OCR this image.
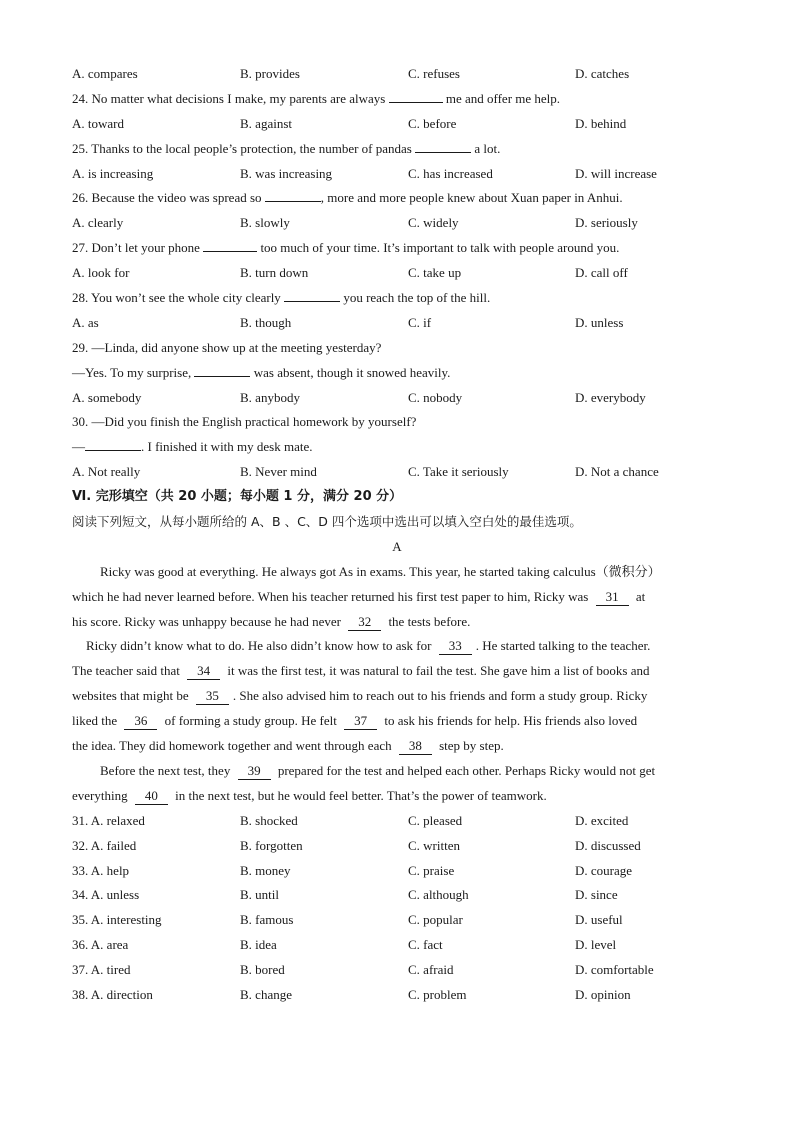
A. compares	B. provides	C. refuses	D. catches
24. No matter what decisions I make, my parents are always	me and offer me help.
A. toward	B. against	C. before	D. behind
25. Thanks to the local people’s protection, the number of pandas	a lot.
A. is increasing	B. was increasing	C. has increased	D. will increase
26. Because the video was spread so	, more and more people knew about Xuan paper in Anhui.
A. clearly	B. slowly	C. widely	D. seriously
27. Don’t let your phone	too much of your time. It’s important to talk with people around you.
A. look for	B. turn down	C. take up	D. call off
28. You won’t see the whole city clearly	you reach the top of the hill.
A. as	B. though	C. if	D. unless
29. —Linda, did anyone show up at the meeting yesterday?
—Yes. To my surprise,	was absent, though it snowed heavily.
A. somebody	B. anybody	C. nobody	D. everybody
30. —Did you finish the English practical homework by yourself?
—	. I finished it with my desk mate.
A. Not really	B. Never mind	C. Take it seriously	D. Not a chance
Ⅵ. 完形填空（共 20 小题；每小题 1 分，满分 20 分）
阅读下列短文，从每小题所给的 A、B 、C、D 四个选项中选出可以填入空白处的最佳选项。
A
Ricky was good at everything. He always got As in exams. This year, he started taking calculus（微积分）
which he had never learned before. When his teacher returned his first test paper to him, Ricky was 31 at
his score. Ricky was unhappy because he had never 32 the tests before.
Ricky didn’t know what to do. He also didn’t know how to ask for 33 . He started talking to the teacher.
The teacher said that 34 it was the first test, it was natural to fail the test. She gave him a list of books and
websites that might be 35 . She also advised him to reach out to his friends and form a study group. Ricky
liked the 36 of forming a study group. He felt 37 to ask his friends for help. His friends also loved
the idea. They did homework together and went through each 38 step by step.
Before the next test, they 39 prepared for the test and helped each other. Perhaps Ricky would not get
everything 40 in the next test, but he would feel better. That’s the power of teamwork.
31. A. relaxed	B. shocked	C. pleased	D. excited
32. A. failed	B. forgotten	C. written	D. discussed
33. A. help	B. money	C. praise	D. courage
34. A. unless	B. until	C. although	D. since
35. A. interesting	B. famous	C. popular	D. useful
36. A. area	B. idea	C. fact	D. level
37. A. tired	B. bored	C. afraid	D. comfortable
38. A. direction	B. change	C. problem	D. opinion
